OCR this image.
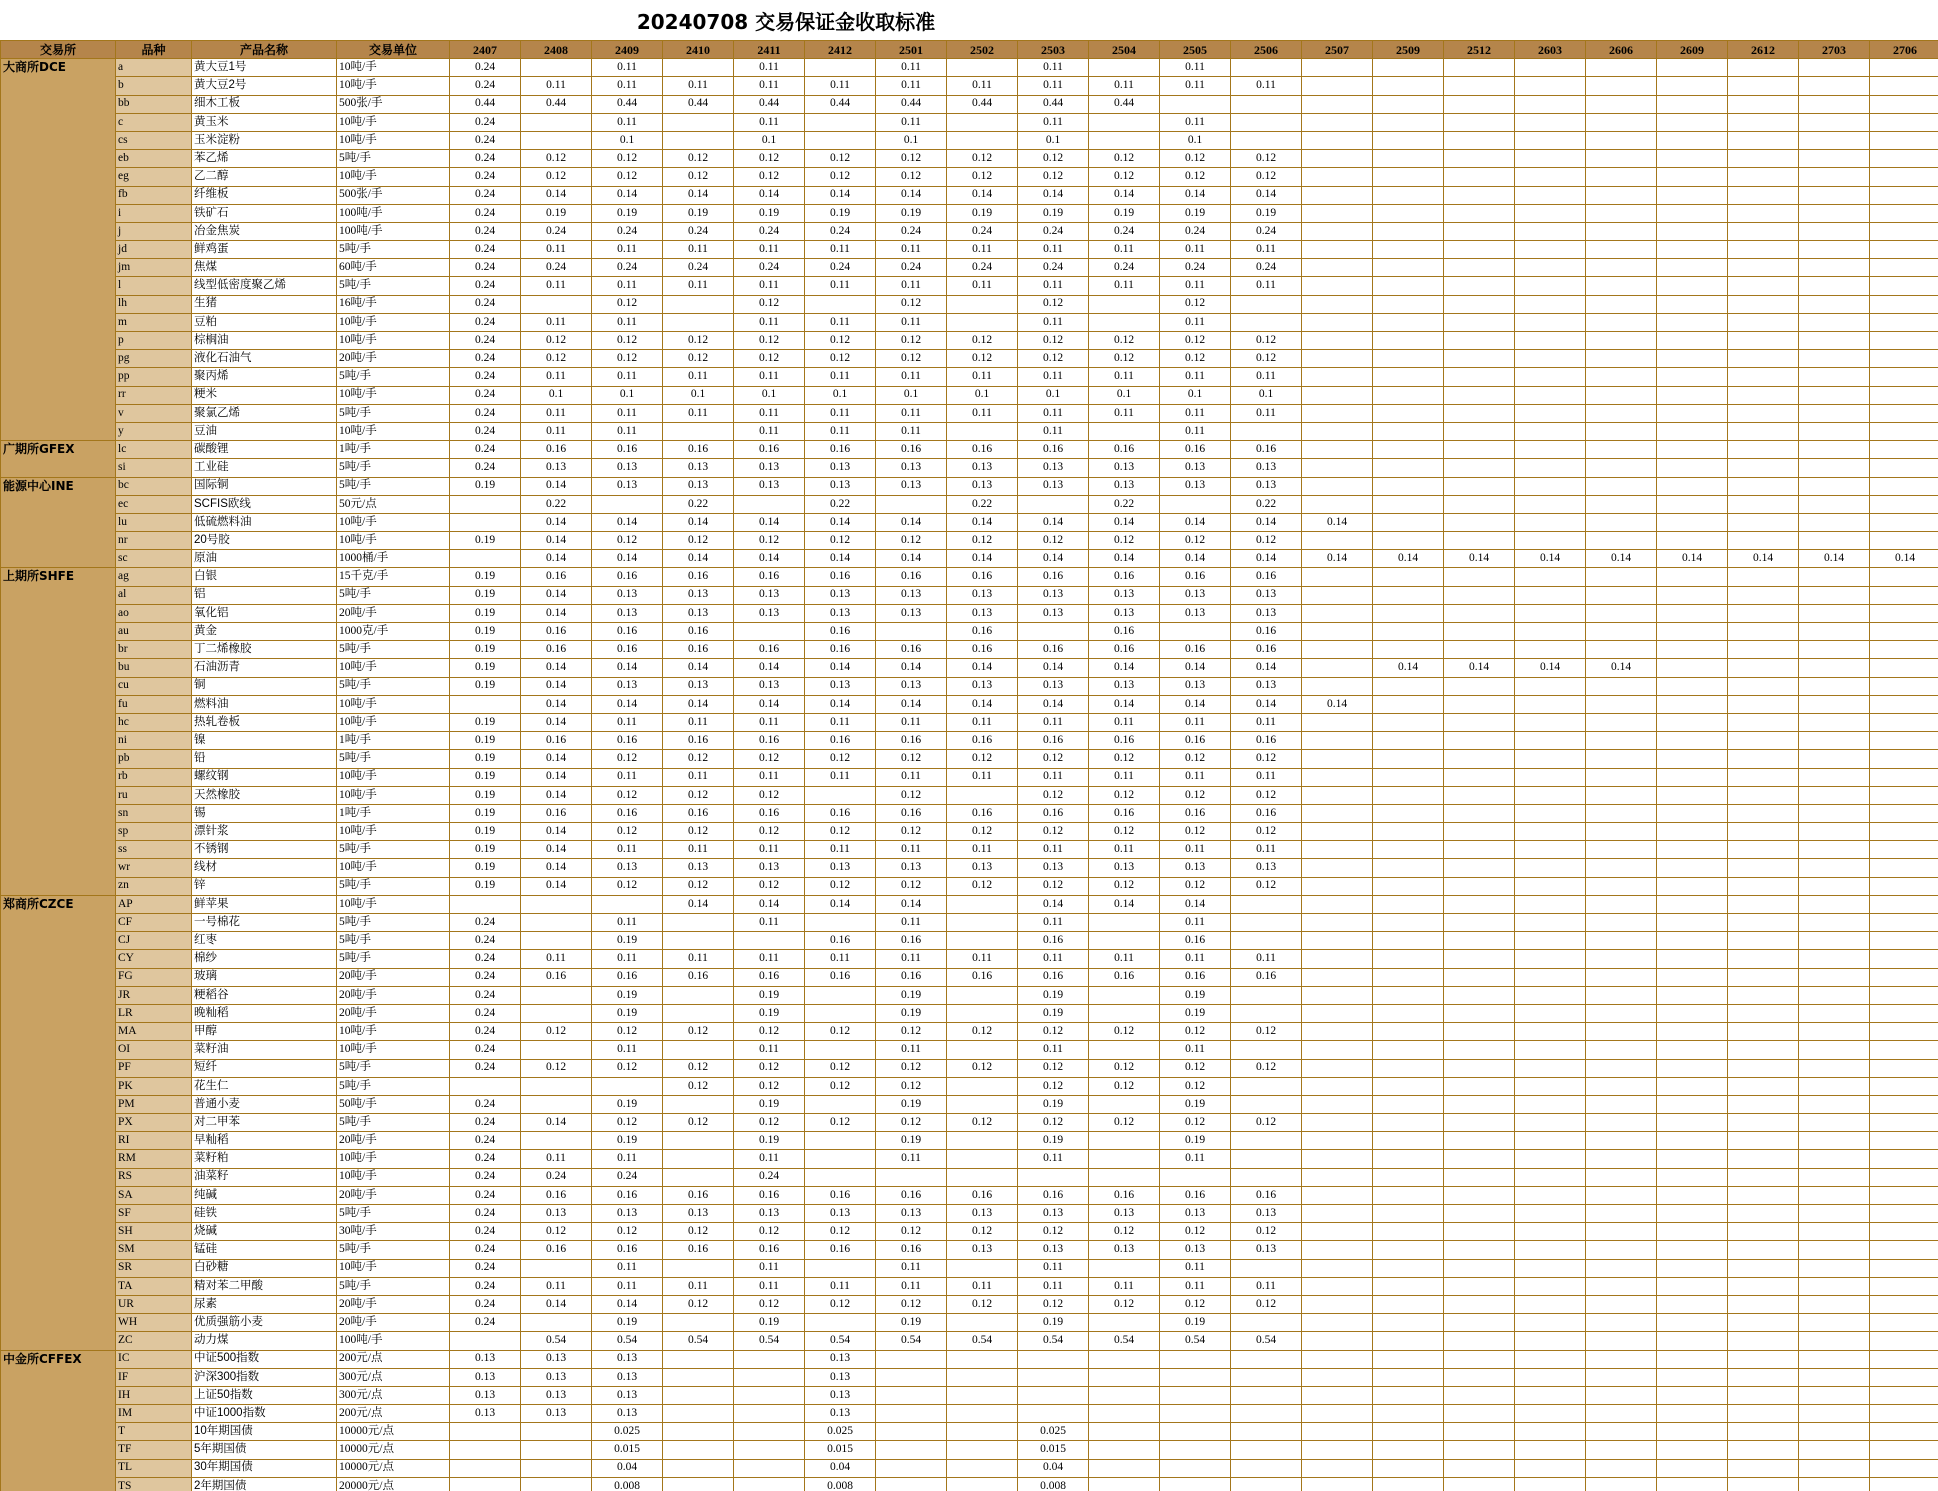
20240708 交易保证金收取标准
交易所	品种	产品名称	交易单位	2407	2408	2409	2410	2411	2412	2501	2502	2503	2504	2505	2506	2507	2509	2512	2603	2606	2609	2612	2703	2706
大商所DCE	a	黄大豆1号	10吨/手	0.24		0.11		0.11		0.11		0.11		0.11										
	b	黄大豆2号	10吨/手	0.24	0.11	0.11	0.11	0.11	0.11	0.11	0.11	0.11	0.11	0.11	0.11									
	bb	细木工板	500张/手	0.44	0.44	0.44	0.44	0.44	0.44	0.44	0.44	0.44	0.44											
	c	黄玉米	10吨/手	0.24		0.11		0.11		0.11		0.11		0.11										
	cs	玉米淀粉	10吨/手	0.24		0.1		0.1		0.1		0.1		0.1										
	eb	苯乙烯	5吨/手	0.24	0.12	0.12	0.12	0.12	0.12	0.12	0.12	0.12	0.12	0.12	0.12									
	eg	乙二醇	10吨/手	0.24	0.12	0.12	0.12	0.12	0.12	0.12	0.12	0.12	0.12	0.12	0.12									
	fb	纤维板	500张/手	0.24	0.14	0.14	0.14	0.14	0.14	0.14	0.14	0.14	0.14	0.14	0.14									
	i	铁矿石	100吨/手	0.24	0.19	0.19	0.19	0.19	0.19	0.19	0.19	0.19	0.19	0.19	0.19									
	j	冶金焦炭	100吨/手	0.24	0.24	0.24	0.24	0.24	0.24	0.24	0.24	0.24	0.24	0.24	0.24									
	jd	鲜鸡蛋	5吨/手	0.24	0.11	0.11	0.11	0.11	0.11	0.11	0.11	0.11	0.11	0.11	0.11									
	jm	焦煤	60吨/手	0.24	0.24	0.24	0.24	0.24	0.24	0.24	0.24	0.24	0.24	0.24	0.24									
	l	线型低密度聚乙烯	5吨/手	0.24	0.11	0.11	0.11	0.11	0.11	0.11	0.11	0.11	0.11	0.11	0.11									
	lh	生猪	16吨/手	0.24		0.12		0.12		0.12		0.12		0.12										
	m	豆粕	10吨/手	0.24	0.11	0.11		0.11	0.11	0.11		0.11		0.11										
	p	棕榈油	10吨/手	0.24	0.12	0.12	0.12	0.12	0.12	0.12	0.12	0.12	0.12	0.12	0.12									
	pg	液化石油气	20吨/手	0.24	0.12	0.12	0.12	0.12	0.12	0.12	0.12	0.12	0.12	0.12	0.12									
	pp	聚丙烯	5吨/手	0.24	0.11	0.11	0.11	0.11	0.11	0.11	0.11	0.11	0.11	0.11	0.11									
	rr	粳米	10吨/手	0.24	0.1	0.1	0.1	0.1	0.1	0.1	0.1	0.1	0.1	0.1	0.1									
	v	聚氯乙烯	5吨/手	0.24	0.11	0.11	0.11	0.11	0.11	0.11	0.11	0.11	0.11	0.11	0.11									
	y	豆油	10吨/手	0.24	0.11	0.11		0.11	0.11	0.11		0.11		0.11										
广期所GFEX	lc	碳酸锂	1吨/手	0.24	0.16	0.16	0.16	0.16	0.16	0.16	0.16	0.16	0.16	0.16	0.16									
	si	工业硅	5吨/手	0.24	0.13	0.13	0.13	0.13	0.13	0.13	0.13	0.13	0.13	0.13	0.13									
能源中心INE	bc	国际铜	5吨/手	0.19	0.14	0.13	0.13	0.13	0.13	0.13	0.13	0.13	0.13	0.13	0.13									
	ec	SCFIS欧线	50元/点		0.22		0.22		0.22		0.22		0.22		0.22									
	lu	低硫燃料油	10吨/手		0.14	0.14	0.14	0.14	0.14	0.14	0.14	0.14	0.14	0.14	0.14	0.14								
	nr	20号胶	10吨/手	0.19	0.14	0.12	0.12	0.12	0.12	0.12	0.12	0.12	0.12	0.12	0.12									
	sc	原油	1000桶/手		0.14	0.14	0.14	0.14	0.14	0.14	0.14	0.14	0.14	0.14	0.14	0.14	0.14	0.14	0.14	0.14	0.14	0.14	0.14	0.14
上期所SHFE	ag	白银	15千克/手	0.19	0.16	0.16	0.16	0.16	0.16	0.16	0.16	0.16	0.16	0.16	0.16									
	al	铝	5吨/手	0.19	0.14	0.13	0.13	0.13	0.13	0.13	0.13	0.13	0.13	0.13	0.13									
	ao	氧化铝	20吨/手	0.19	0.14	0.13	0.13	0.13	0.13	0.13	0.13	0.13	0.13	0.13	0.13									
	au	黄金	1000克/手	0.19	0.16	0.16	0.16		0.16		0.16		0.16		0.16									
	br	丁二烯橡胶	5吨/手	0.19	0.16	0.16	0.16	0.16	0.16	0.16	0.16	0.16	0.16	0.16	0.16									
	bu	石油沥青	10吨/手	0.19	0.14	0.14	0.14	0.14	0.14	0.14	0.14	0.14	0.14	0.14	0.14		0.14	0.14	0.14	0.14				
	cu	铜	5吨/手	0.19	0.14	0.13	0.13	0.13	0.13	0.13	0.13	0.13	0.13	0.13	0.13									
	fu	燃料油	10吨/手		0.14	0.14	0.14	0.14	0.14	0.14	0.14	0.14	0.14	0.14	0.14	0.14								
	hc	热轧卷板	10吨/手	0.19	0.14	0.11	0.11	0.11	0.11	0.11	0.11	0.11	0.11	0.11	0.11									
	ni	镍	1吨/手	0.19	0.16	0.16	0.16	0.16	0.16	0.16	0.16	0.16	0.16	0.16	0.16									
	pb	铅	5吨/手	0.19	0.14	0.12	0.12	0.12	0.12	0.12	0.12	0.12	0.12	0.12	0.12									
	rb	螺纹钢	10吨/手	0.19	0.14	0.11	0.11	0.11	0.11	0.11	0.11	0.11	0.11	0.11	0.11									
	ru	天然橡胶	10吨/手	0.19	0.14	0.12	0.12	0.12		0.12		0.12	0.12	0.12	0.12									
	sn	锡	1吨/手	0.19	0.16	0.16	0.16	0.16	0.16	0.16	0.16	0.16	0.16	0.16	0.16									
	sp	漂针浆	10吨/手	0.19	0.14	0.12	0.12	0.12	0.12	0.12	0.12	0.12	0.12	0.12	0.12									
	ss	不锈钢	5吨/手	0.19	0.14	0.11	0.11	0.11	0.11	0.11	0.11	0.11	0.11	0.11	0.11									
	wr	线材	10吨/手	0.19	0.14	0.13	0.13	0.13	0.13	0.13	0.13	0.13	0.13	0.13	0.13									
	zn	锌	5吨/手	0.19	0.14	0.12	0.12	0.12	0.12	0.12	0.12	0.12	0.12	0.12	0.12									
郑商所CZCE	AP	鲜苹果	10吨/手				0.14	0.14	0.14	0.14		0.14	0.14	0.14										
	CF	一号棉花	5吨/手	0.24		0.11		0.11		0.11		0.11		0.11										
	CJ	红枣	5吨/手	0.24		0.19			0.16	0.16		0.16		0.16										
	CY	棉纱	5吨/手	0.24	0.11	0.11	0.11	0.11	0.11	0.11	0.11	0.11	0.11	0.11	0.11									
	FG	玻璃	20吨/手	0.24	0.16	0.16	0.16	0.16	0.16	0.16	0.16	0.16	0.16	0.16	0.16									
	JR	粳稻谷	20吨/手	0.24		0.19		0.19		0.19		0.19		0.19										
	LR	晚籼稻	20吨/手	0.24		0.19		0.19		0.19		0.19		0.19										
	MA	甲醇	10吨/手	0.24	0.12	0.12	0.12	0.12	0.12	0.12	0.12	0.12	0.12	0.12	0.12									
	OI	菜籽油	10吨/手	0.24		0.11		0.11		0.11		0.11		0.11										
	PF	短纤	5吨/手	0.24	0.12	0.12	0.12	0.12	0.12	0.12	0.12	0.12	0.12	0.12	0.12									
	PK	花生仁	5吨/手				0.12	0.12	0.12	0.12		0.12	0.12	0.12										
	PM	普通小麦	50吨/手	0.24		0.19		0.19		0.19		0.19		0.19										
	PX	对二甲苯	5吨/手	0.24	0.14	0.12	0.12	0.12	0.12	0.12	0.12	0.12	0.12	0.12	0.12									
	RI	早籼稻	20吨/手	0.24		0.19		0.19		0.19		0.19		0.19										
	RM	菜籽粕	10吨/手	0.24	0.11	0.11		0.11		0.11		0.11		0.11										
	RS	油菜籽	10吨/手	0.24	0.24	0.24		0.24																
	SA	纯碱	20吨/手	0.24	0.16	0.16	0.16	0.16	0.16	0.16	0.16	0.16	0.16	0.16	0.16									
	SF	硅铁	5吨/手	0.24	0.13	0.13	0.13	0.13	0.13	0.13	0.13	0.13	0.13	0.13	0.13									
	SH	烧碱	30吨/手	0.24	0.12	0.12	0.12	0.12	0.12	0.12	0.12	0.12	0.12	0.12	0.12									
	SM	锰硅	5吨/手	0.24	0.16	0.16	0.16	0.16	0.16	0.16	0.13	0.13	0.13	0.13	0.13									
	SR	白砂糖	10吨/手	0.24		0.11		0.11		0.11		0.11		0.11										
	TA	精对苯二甲酸	5吨/手	0.24	0.11	0.11	0.11	0.11	0.11	0.11	0.11	0.11	0.11	0.11	0.11									
	UR	尿素	20吨/手	0.24	0.14	0.14	0.12	0.12	0.12	0.12	0.12	0.12	0.12	0.12	0.12									
	WH	优质强筋小麦	20吨/手	0.24		0.19		0.19		0.19		0.19		0.19										
	ZC	动力煤	100吨/手		0.54	0.54	0.54	0.54	0.54	0.54	0.54	0.54	0.54	0.54	0.54									
中金所CFFEX	IC	中证500指数	200元/点	0.13	0.13	0.13			0.13															
	IF	沪深300指数	300元/点	0.13	0.13	0.13			0.13															
	IH	上证50指数	300元/点	0.13	0.13	0.13			0.13															
	IM	中证1000指数	200元/点	0.13	0.13	0.13			0.13															
	T	10年期国债	10000元/点			0.025			0.025			0.025												
	TF	5年期国债	10000元/点			0.015			0.015			0.015												
	TL	30年期国债	10000元/点			0.04			0.04			0.04												
	TS	2年期国债	20000元/点			0.008			0.008			0.008												
